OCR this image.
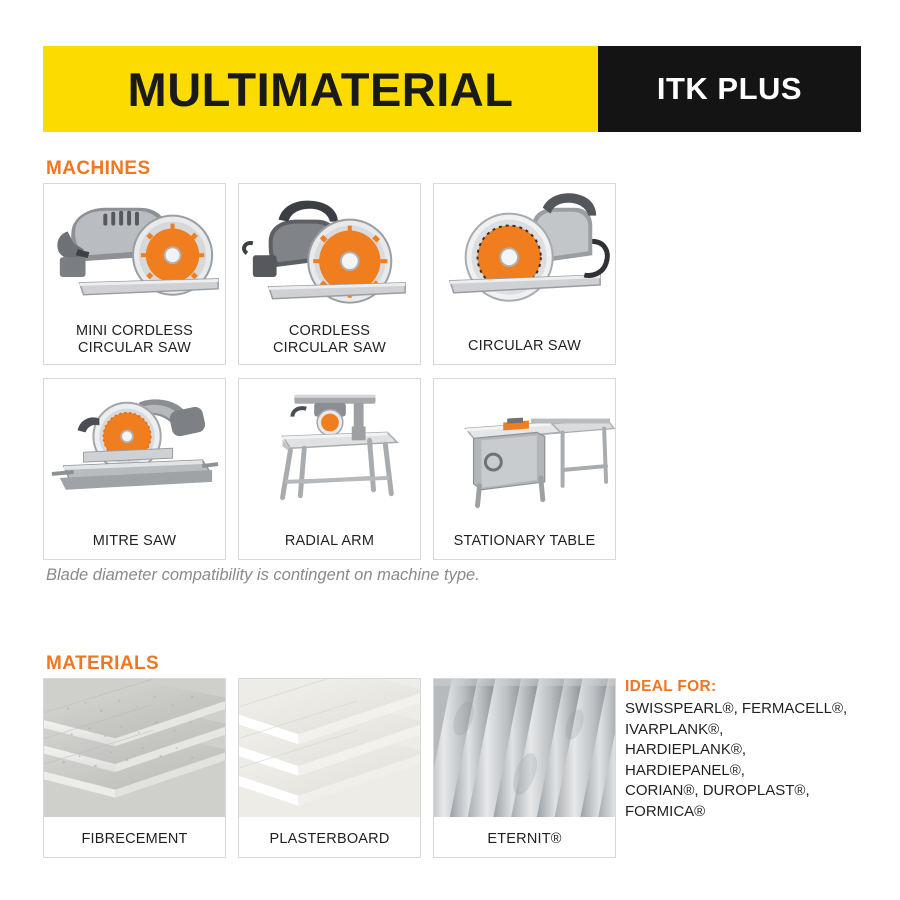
MULTIMATERIAL	ITK PLUS
MACHINES
MINI CORDLESS
CIRCULAR SAW
CORDLESS
CIRCULAR SAW	CIRCULAR SAW
MITRE SAW	RADIAL ARM	STATIONARY TABLE
Blade diameter compatibility is contingent on machine type.
MATERIALS
FIBRECEMENT	PLASTERBOARD	ETERNIT®
IDEAL FOR:
SWISSPEARL®, FERMACELL®,
IVARPLANK®,
HARDIEPLANK®,
HARDIEPANEL®,
CORIAN®, DUROPLAST®,
FORMICA®
